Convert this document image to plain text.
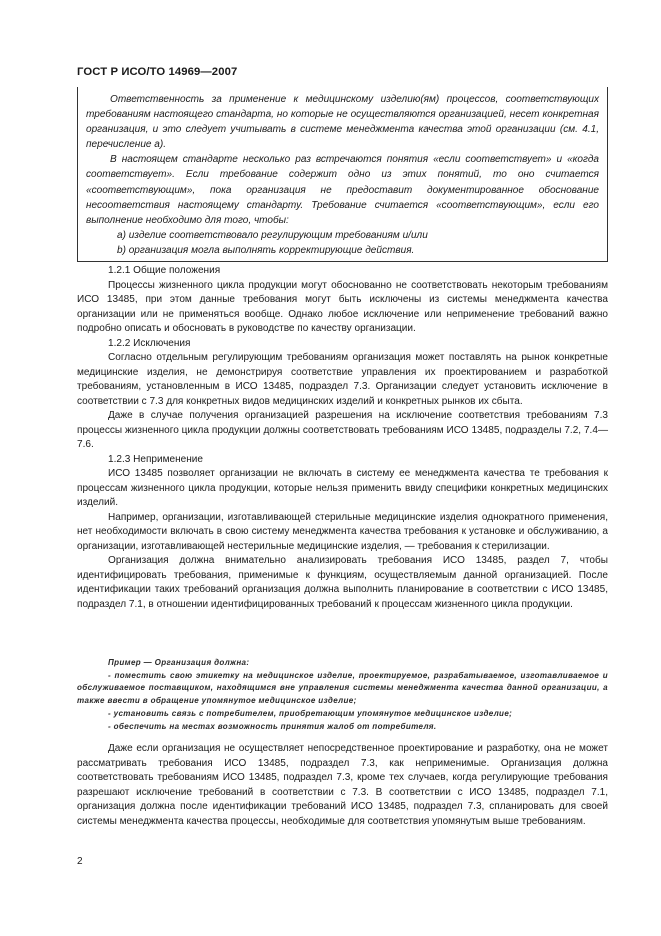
ГОСТ Р ИСО/ТО 14969—2007

Ответственность за применение к медицинскому изделию(ям) процессов, соответствующих требованиям настоящего стандарта, но которые не осуществляются организацией, несет конкретная организация, и это следует учитывать в системе менеджмента качества этой организации (см. 4.1, перечисление а).

В настоящем стандарте несколько раз встречаются понятия «если соответствует» и «когда соответствует». Если требование содержит одно из этих понятий, то оно считается «соответствующим», пока организация не предоставит документированное обоснование несоответствия настоящему стандарту. Требование считается «соответствующим», если его выполнение необходимо для того, чтобы:

a) изделие соответствовало регулирующим требованиям и/или

b) организация могла выполнять корректирующие действия.

1.2.1 Общие положения

Процессы жизненного цикла продукции могут обоснованно не соответствовать некоторым требованиям ИСО 13485, при этом данные требования могут быть исключены из системы менеджмента качества организации или не применяться вообще. Однако любое исключение или неприменение требований важно подробно описать и обосновать в руководстве по качеству организации.

1.2.2 Исключения

Согласно отдельным регулирующим требованиям организация может поставлять на рынок конкретные медицинские изделия, не демонстрируя соответствие управления их проектированием и разработкой требованиям, установленным в ИСО 13485, подраздел 7.3. Организации следует установить исключение в соответствии с 7.3 для конкретных видов медицинских изделий и конкретных рынков их сбыта.

Даже в случае получения организацией разрешения на исключение соответствия требованиям 7.3 процессы жизненного цикла продукции должны соответствовать требованиям ИСО 13485, подразделы 7.2, 7.4—7.6.

1.2.3 Неприменение

ИСО 13485 позволяет организации не включать в систему ее менеджмента качества те требования к процессам жизненного цикла продукции, которые нельзя применить ввиду специфики конкретных медицинских изделий.

Например, организации, изготавливающей стерильные медицинские изделия однократного применения, нет необходимости включать в свою систему менеджмента качества требования к установке и обслуживанию, а организации, изготавливающей нестерильные медицинские изделия, — требования к стерилизации.

Организация должна внимательно анализировать требования ИСО 13485, раздел 7, чтобы идентифицировать требования, применимые к функциям, осуществляемым данной организацией. После идентификации таких требований организация должна выполнить планирование в соответствии с ИСО 13485, подраздел 7.1, в отношении идентифицированных требований к процессам жизненного цикла продукции.

Пример — Организация должна:

- поместить свою этикетку на медицинское изделие, проектируемое, разрабатываемое, изготавливаемое и обслуживаемое поставщиком, находящимся вне управления системы менеджмента качества данной организации, а также ввести в обращение упомянутое медицинское изделие;

- установить связь с потребителем, приобретающим упомянутое медицинское изделие;

- обеспечить на местах возможность принятия жалоб от потребителя.

Даже если организация не осуществляет непосредственное проектирование и разработку, она не может рассматривать требования ИСО 13485, подраздел 7.3, как неприменимые. Организация должна соответствовать требованиям ИСО 13485, подраздел 7.3, кроме тех случаев, когда регулирующие требования разрешают исключение требований в соответствии с 7.3. В соответствии с ИСО 13485, подраздел 7.1, организация должна после идентификации требований ИСО 13485, подраздел 7.3, спланировать для своей системы менеджмента качества процессы, необходимые для соответствия упомянутым выше требованиям.

2
